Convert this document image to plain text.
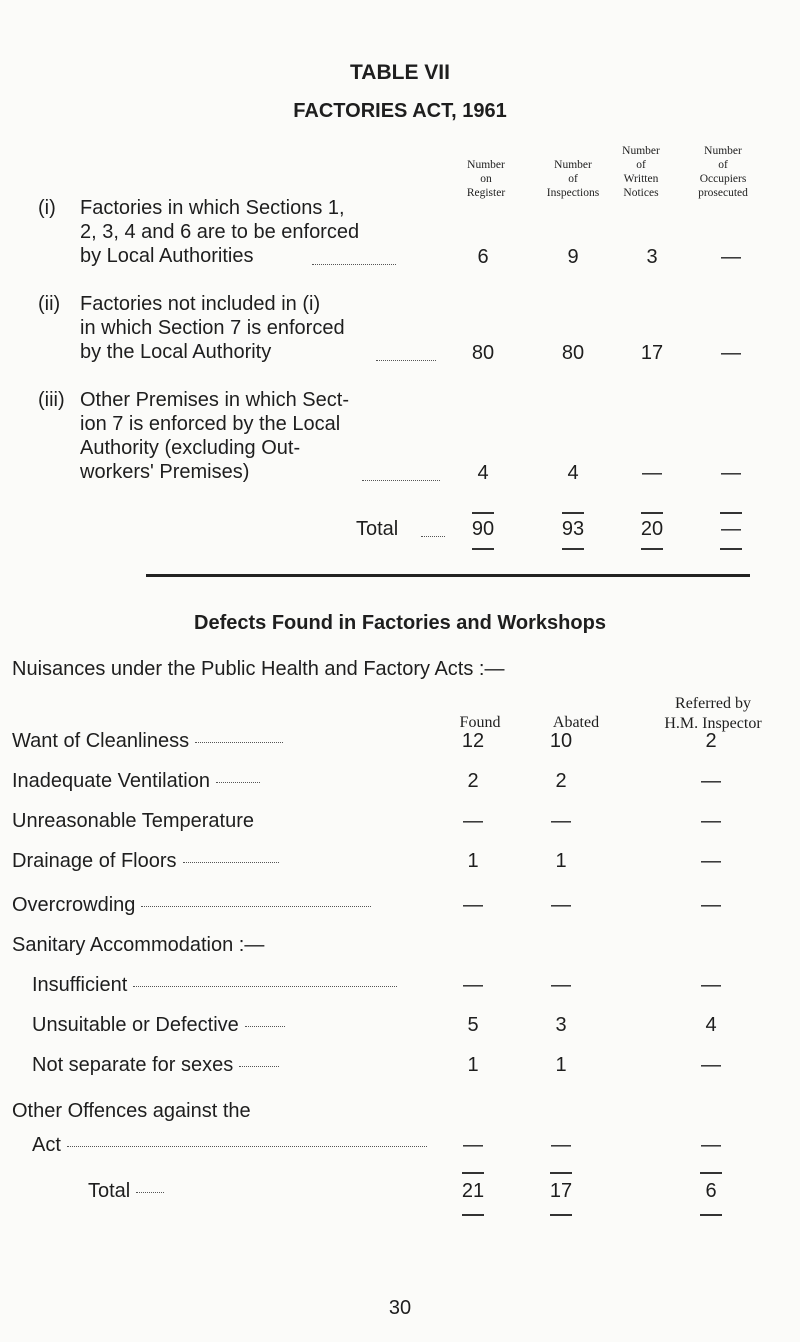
TABLE VII
FACTORIES ACT, 1961
Number
on
Register
Number
of
Inspections
Number
of
Written
Notices
Number
of
Occupiers
prosecuted
(i)	Factories in which Sections 1,
2, 3, 4 and 6 are to be enforced
by Local Authorities	6	9	3	—
(ii) Factories not included in (i)
in which Section 7 is enforced
by the Local Authority	80	80	17	—
(iii) Other Premises in which Sect-
ion 7 is enforced by the Local
Authority (excluding Out-
workers' Premises)	4	4	—	—
Total	90	93	20	—
Defects Found in Factories and Workshops
Nuisances under the Public Health and Factory Acts :—
Found	Abated
Referred by
H.M. Inspector
Want of Cleanliness	12	10	2
Inadequate Ventilation	2	2	—
Unreasonable Temperature	—	—	—
Drainage of Floors	1	1	—
Overcrowding	—	—	—
Sanitary Accommodation :—
Insufficient	—	—	—
Unsuitable or Defective	5	3	4
Not separate for sexes	1	1	—
Other Offences against the
Act	—	—	—
Total	21	17	6
30
